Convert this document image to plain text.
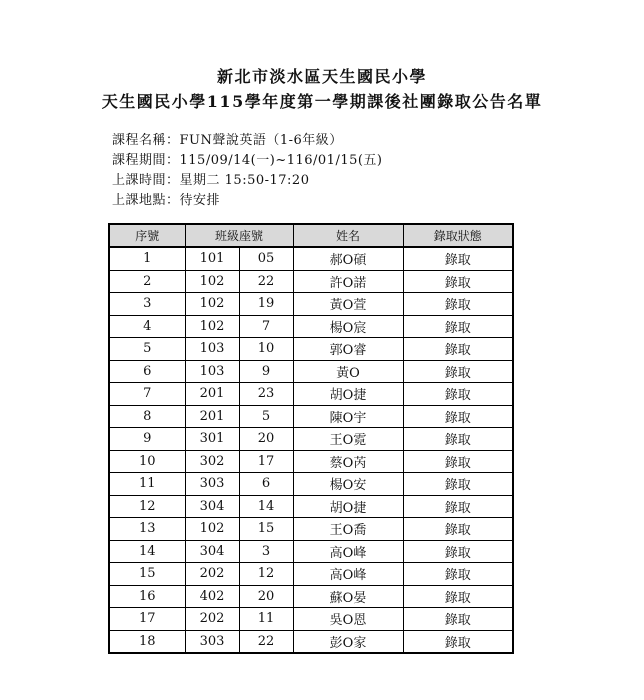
新北市淡水區天生國民小學
天生國民小學115學年度第一學期課後社團錄取公告名單
課程名稱：FUN聲說英語（1-6年級）
課程期間：115/09/14(一)~116/01/15(五)
上課時間：星期二 15:50-17:20
上課地點：待安排
序號	班級座號		姓名	錄取狀態
1	101	05	郝O碩	錄取
2	102	22	許O諾	錄取
3	102	19	黃O萱	錄取
4	102	7	楊O宸	錄取
5	103	10	郭O睿	錄取
6	103	9	黃O	錄取
7	201	23	胡O捷	錄取
8	201	5	陳O宇	錄取
9	301	20	王O霓	錄取
10	302	17	蔡O芮	錄取
11	303	6	楊O安	錄取
12	304	14	胡O捷	錄取
13	102	15	王O喬	錄取
14	304	3	高O峰	錄取
15	202	12	高O峰	錄取
16	402	20	蘇O晏	錄取
17	202	11	吳O恩	錄取
18	303	22	彭O家	錄取
